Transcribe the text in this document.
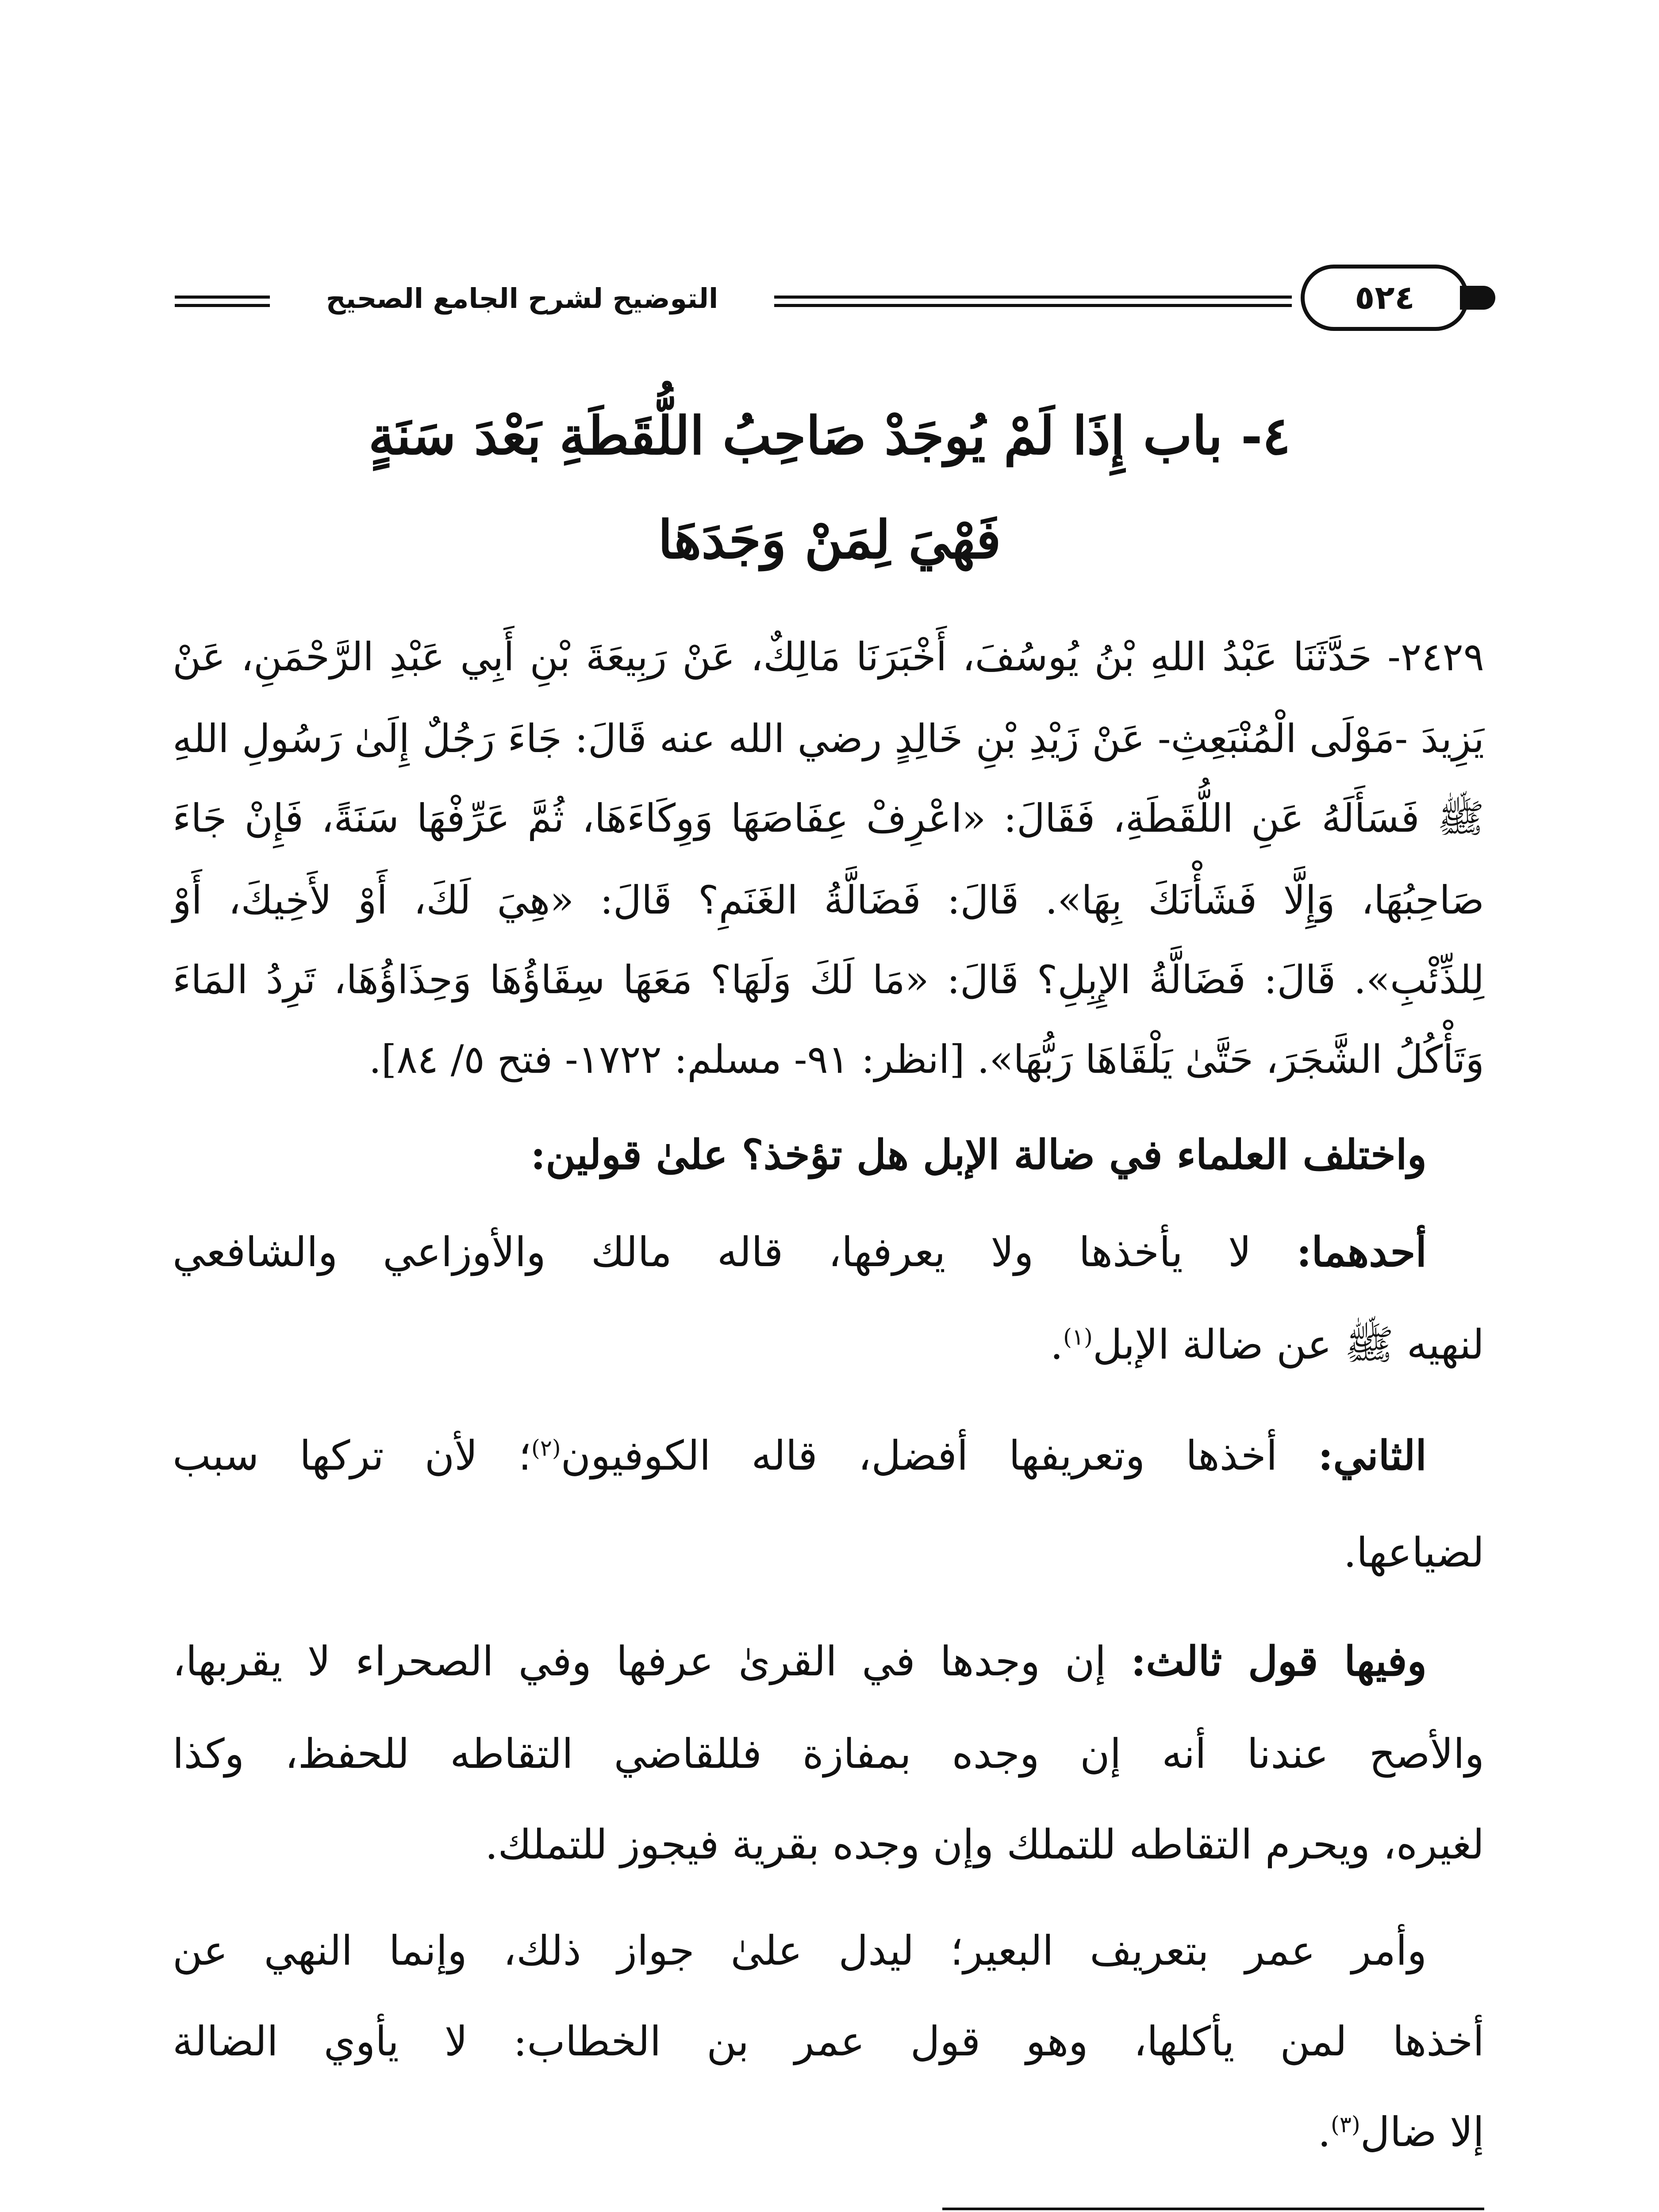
التوضيح لشرح الجامع الصحيح	٥٢٤
٤- باب إِذَا لَمْ يُوجَدْ صَاحِبُ اللُّقَطَةِ بَعْدَ سَنَةٍ
فَهْيَ لِمَنْ وَجَدَهَا
٢٤٢٩- حَدَّثَنَا عَبْدُ اللهِ بْنُ يُوسُفَ، أَخْبَرَنَا مَالِكٌ، عَنْ رَبِيعَةَ بْنِ أَبِي عَبْدِ الرَّحْمَنِ، عَنْ
يَزِيدَ -مَوْلَى الْمُنْبَعِثِ- عَنْ زَيْدِ بْنِ خَالِدٍ رضي الله عنه قَالَ: جَاءَ رَجُلٌ إِلَىٰ رَسُولِ اللهِ
ﷺ فَسَأَلَهُ عَنِ اللُّقَطَةِ، فَقَالَ: «اعْرِفْ عِفَاصَهَا وَوِكَاءَهَا، ثُمَّ عَرِّفْهَا سَنَةً، فَإِنْ جَاءَ
صَاحِبُهَا، وَإِلَّا فَشَأْنَكَ بِهَا». قَالَ: فَضَالَّةُ الغَنَمِ؟ قَالَ: «هِيَ لَكَ، أَوْ لأَخِيكَ، أَوْ
لِلذِّئْبِ». قَالَ: فَضَالَّةُ الإِبِلِ؟ قَالَ: «مَا لَكَ وَلَهَا؟ مَعَهَا سِقَاؤُهَا وَحِذَاؤُهَا، تَرِدُ المَاءَ
وَتَأْكُلُ الشَّجَرَ، حَتَّىٰ يَلْقَاهَا رَبُّهَا». [انظر: ٩١- مسلم: ١٧٢٢- فتح ٥/ ٨٤].
واختلف العلماء في ضالة الإبل هل تؤخذ؟ علىٰ قولين:
أحدهما: لا يأخذها ولا يعرفها، قاله مالك والأوزاعي والشافعي
لنهيه ﷺ عن ضالة الإبل$^{(١)}$.
الثاني: أخذها وتعريفها أفضل، قاله الكوفيون$^{(٢)}$؛ لأن تركها سبب
لضياعها.
وفيها قول ثالث: إن وجدها في القرىٰ عرفها وفي الصحراء لا يقربها،
والأصح عندنا أنه إن وجده بمفازة فللقاضي التقاطه للحفظ، وكذا
لغيره، ويحرم التقاطه للتملك وإن وجده بقرية فيجوز للتملك.
وأمر عمر بتعريف البعير؛ ليدل علىٰ جواز ذلك، وإنما النهي عن
أخذها لمن يأكلها، وهو قول عمر بن الخطاب: لا يأوي الضالة
إلا ضال$^{(٣)}$.
